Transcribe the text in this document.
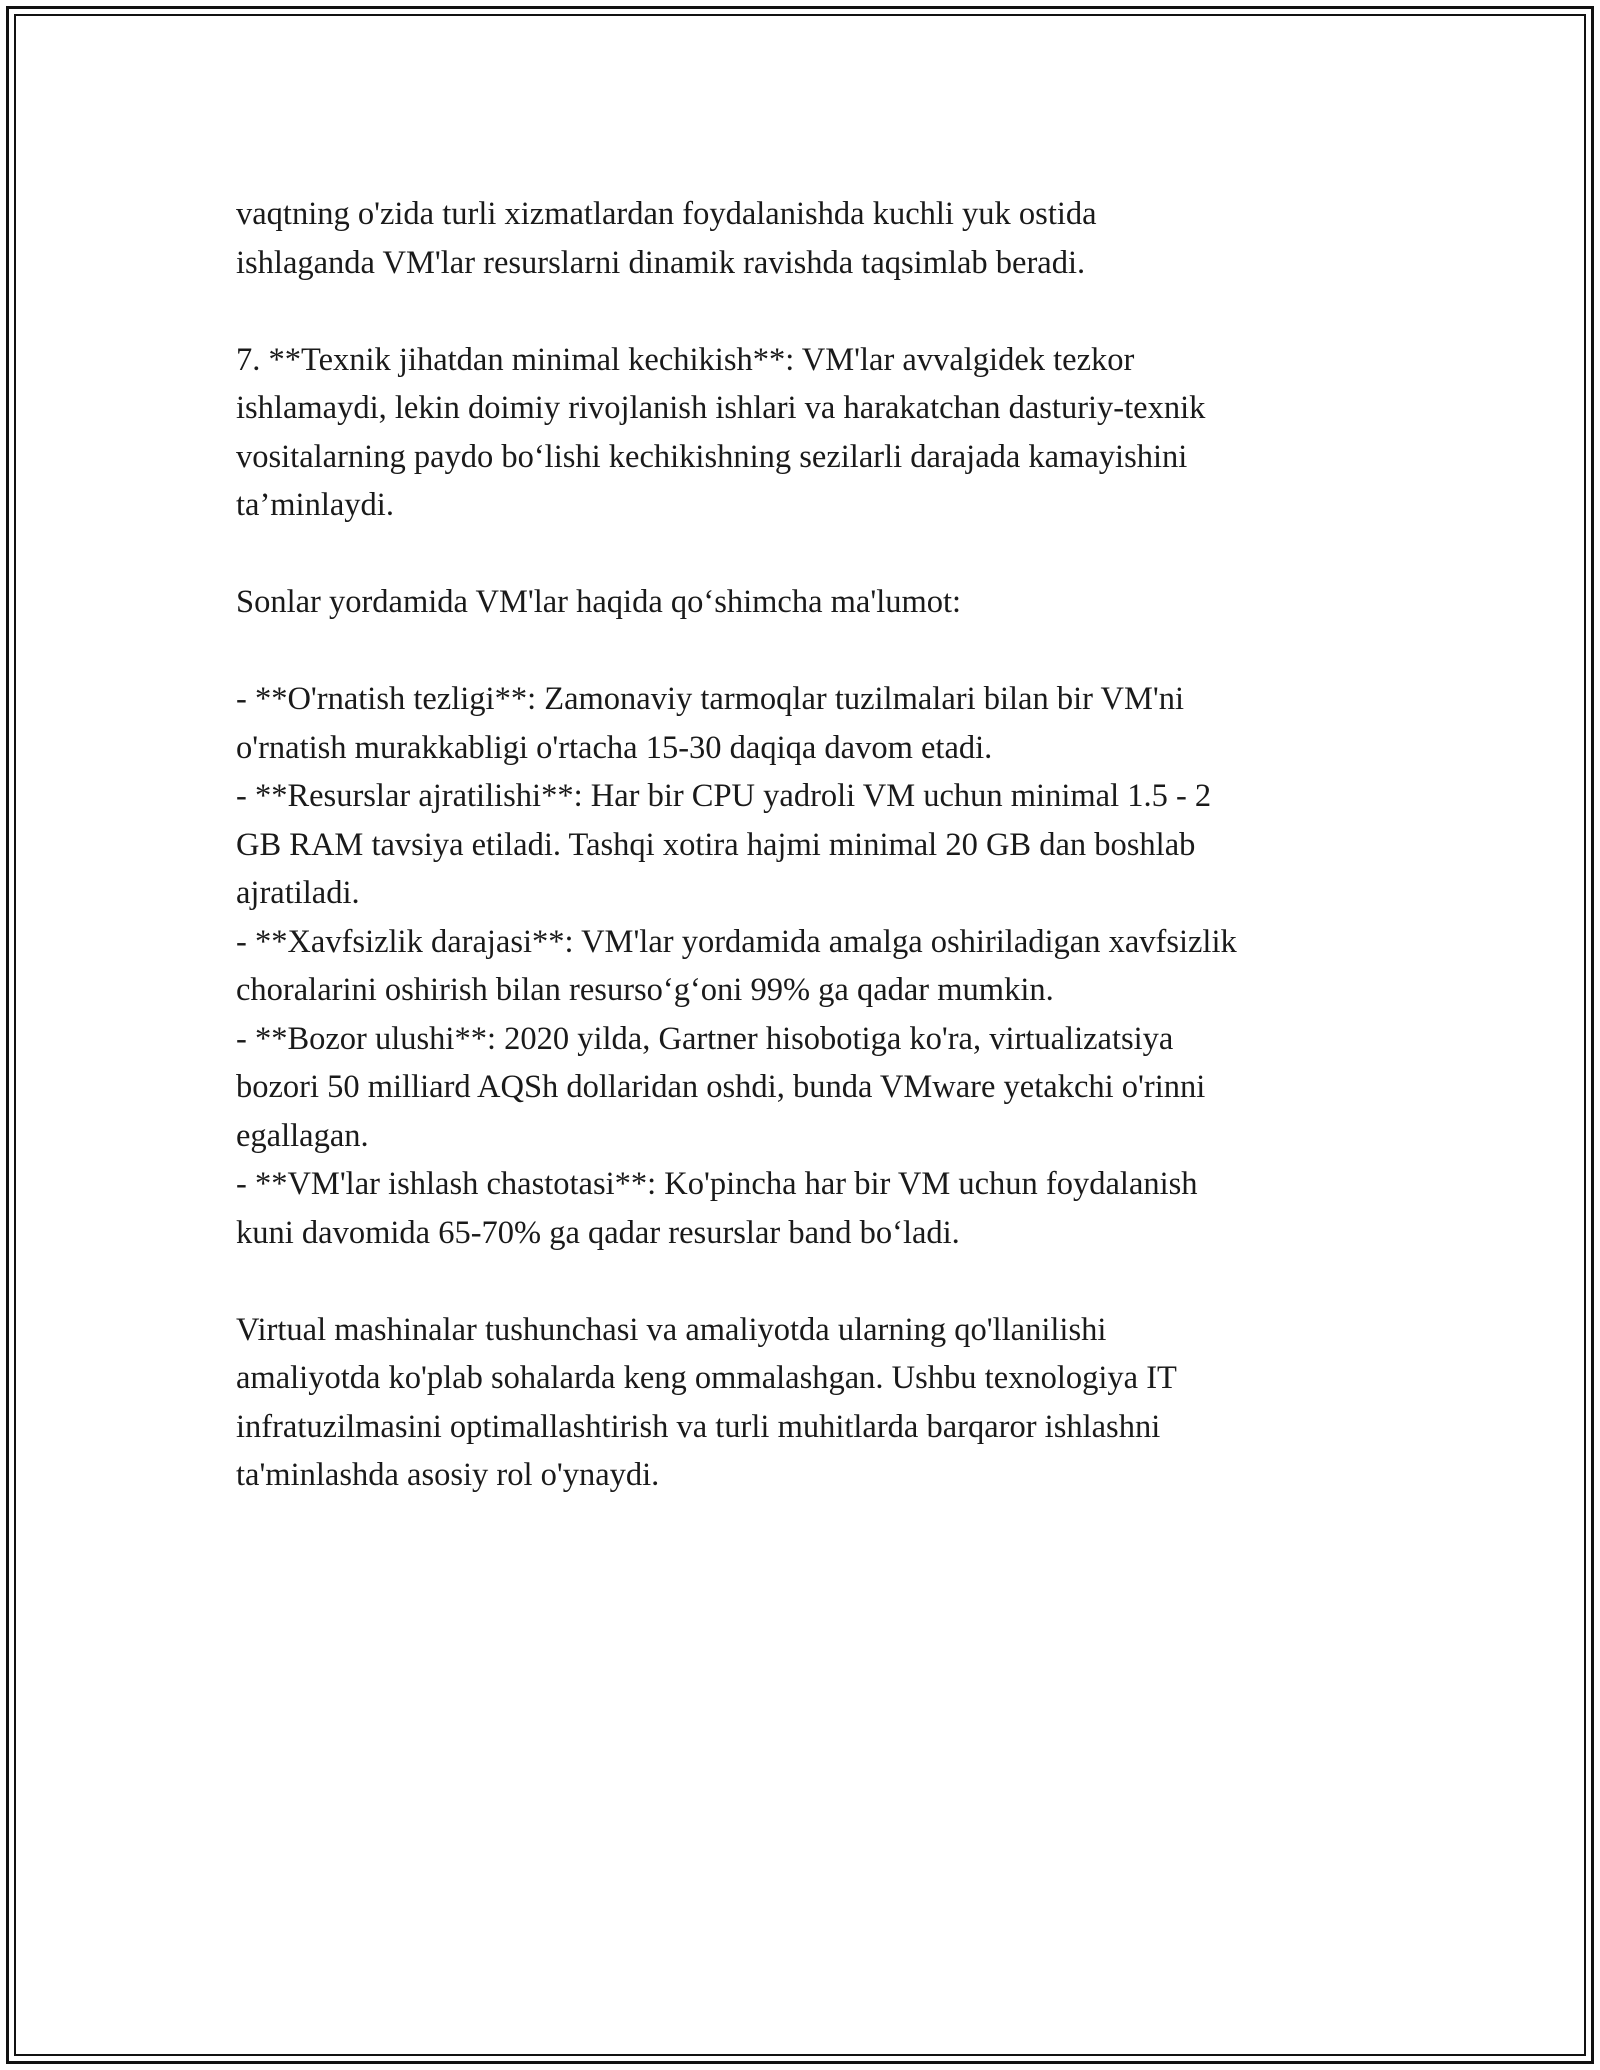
vaqtning o'zida turli xizmatlardan foydalanishda kuchli yuk ostida
ishlaganda VM'lar resurslarni dinamik ravishda taqsimlab beradi.
7. **Texnik jihatdan minimal kechikish**: VM'lar avvalgidek tezkor
ishlamaydi, lekin doimiy rivojlanish ishlari va harakatchan dasturiy-texnik
vositalarning paydo bo‘lishi kechikishning sezilarli darajada kamayishini
ta’minlaydi.
Sonlar yordamida VM'lar haqida qo‘shimcha ma'lumot:
- **O'rnatish tezligi**: Zamonaviy tarmoqlar tuzilmalari bilan bir VM'ni
o'rnatish murakkabligi o'rtacha 15-30 daqiqa davom etadi.
- **Resurslar ajratilishi**: Har bir CPU yadroli VM uchun minimal 1.5 - 2
GB RAM tavsiya etiladi. Tashqi xotira hajmi minimal 20 GB dan boshlab
ajratiladi.
- **Xavfsizlik darajasi**: VM'lar yordamida amalga oshiriladigan xavfsizlik
choralarini oshirish bilan resurso‘g‘oni 99% ga qadar mumkin.
- **Bozor ulushi**: 2020 yilda, Gartner hisobotiga ko'ra, virtualizatsiya
bozori 50 milliard AQSh dollaridan oshdi, bunda VMware yetakchi o'rinni
egallagan.
- **VM'lar ishlash chastotasi**: Ko'pincha har bir VM uchun foydalanish
kuni davomida 65-70% ga qadar resurslar band bo‘ladi.
Virtual mashinalar tushunchasi va amaliyotda ularning qo'llanilishi
amaliyotda ko'plab sohalarda keng ommalashgan. Ushbu texnologiya IT
infratuzilmasini optimallashtirish va turli muhitlarda barqaror ishlashni
ta'minlashda asosiy rol o'ynaydi.
